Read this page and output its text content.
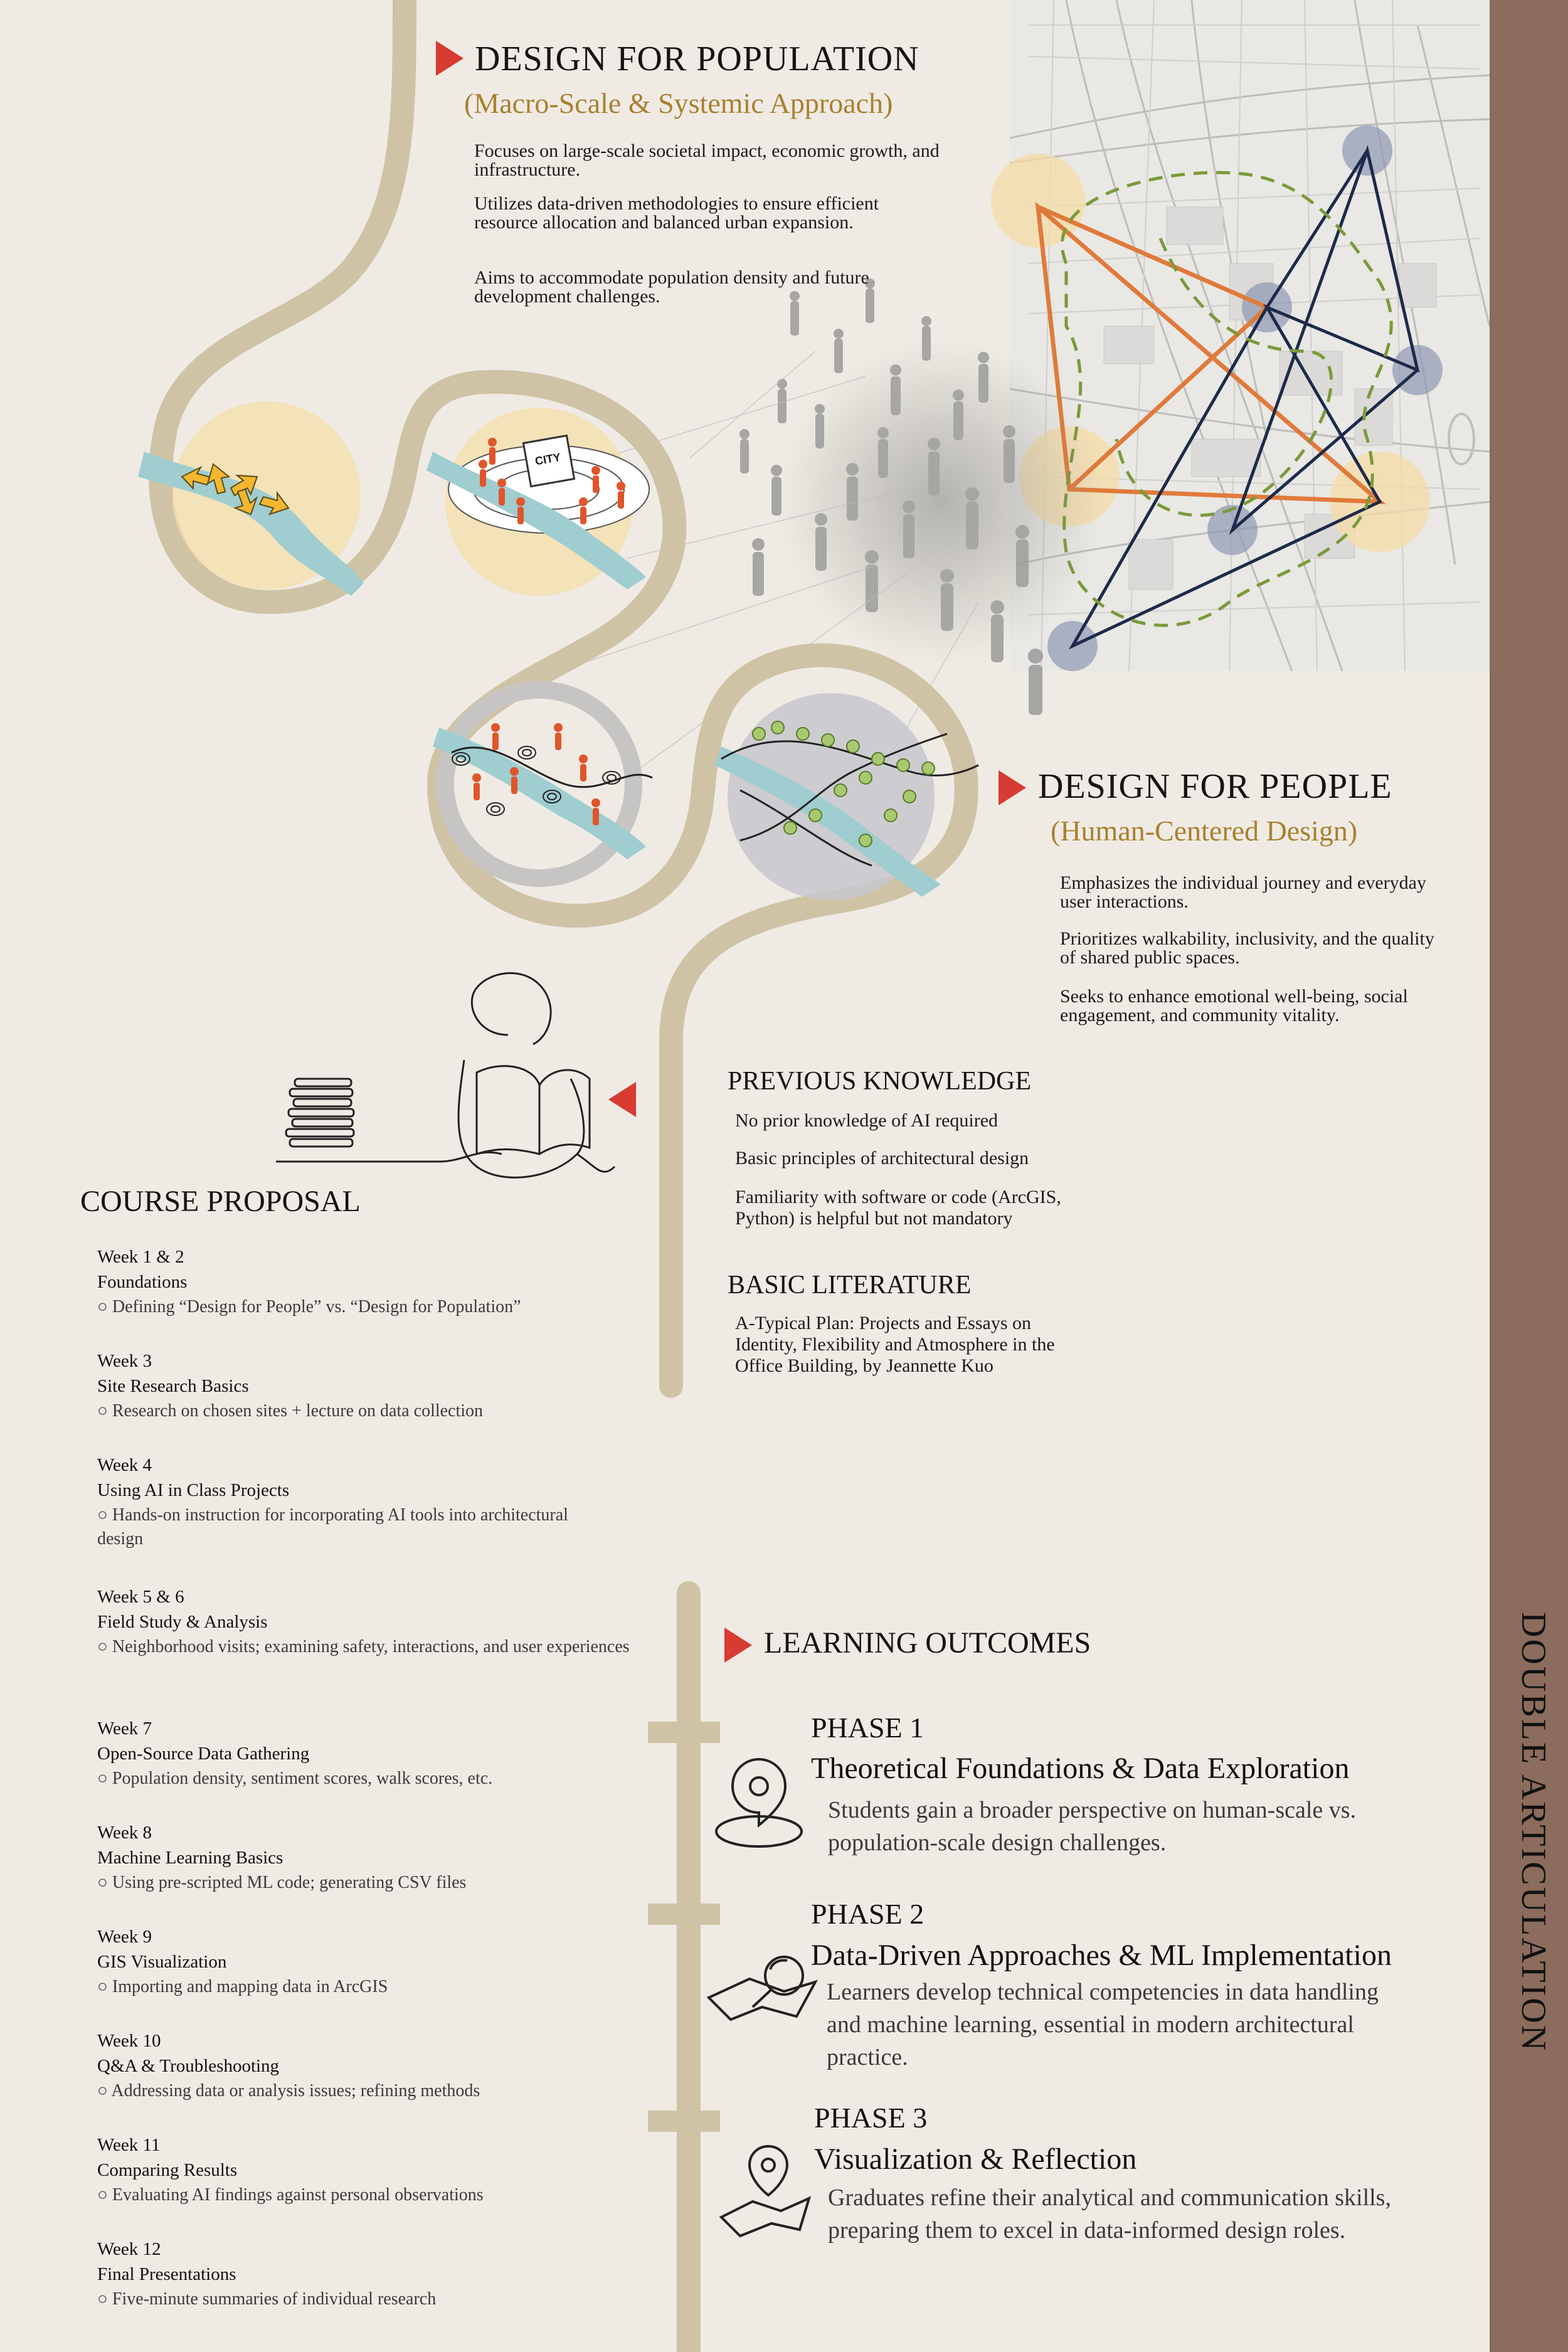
DESIGN FOR POPULATION
(Macro-Scale & Systemic Approach)
Focuses on large-scale societal impact, economic growth, and infrastructure.
Utilizes data-driven methodologies to ensure efficient resource allocation and balanced urban expansion.
Aims to accommodate population density and future development challenges.
CITY
DESIGN FOR PEOPLE
(Human-Centered Design)
Emphasizes the individual journey and everyday user interactions.
Prioritizes walkability, inclusivity, and the quality of shared public spaces.
Seeks to enhance emotional well-being, social engagement, and community vitality.
PREVIOUS KNOWLEDGE
No prior knowledge of AI required
Basic principles of architectural design
Familiarity with software or code (ArcGIS, Python) is helpful but not mandatory
BASIC LITERATURE
A-Typical Plan: Projects and Essays on Identity, Flexibility and Atmosphere in the Office Building, by Jeannette Kuo
COURSE PROPOSAL
Week 1 & 2
Foundations
○ Defining “Design for People” vs. “Design for Population”
Week 3
Site Research Basics
○ Research on chosen sites + lecture on data collection
Week 4
Using AI in Class Projects
○ Hands-on instruction for incorporating AI tools into architectural design
Week 5 & 6
Field Study & Analysis
○ Neighborhood visits; examining safety, interactions, and user experiences
Week 7
Open-Source Data Gathering
○ Population density, sentiment scores, walk scores, etc.
Week 8
Machine Learning Basics
○ Using pre-scripted ML code; generating CSV files
Week 9
GIS Visualization
○ Importing and mapping data in ArcGIS
Week 10
Q&A & Troubleshooting
○ Addressing data or analysis issues; refining methods
Week 11
Comparing Results
○ Evaluating AI findings against personal observations
Week 12
Final Presentations
○ Five-minute summaries of individual research
LEARNING OUTCOMES
PHASE 1
Theoretical Foundations & Data Exploration
Students gain a broader perspective on human-scale vs. population-scale design challenges.
PHASE 2
Data-Driven Approaches & ML Implementation
Learners develop technical competencies in data handling and machine learning, essential in modern architectural practice.
PHASE 3
Visualization & Reflection
Graduates refine their analytical and communication skills, preparing them to excel in data-informed design roles.
DOUBLE ARTICULATION
